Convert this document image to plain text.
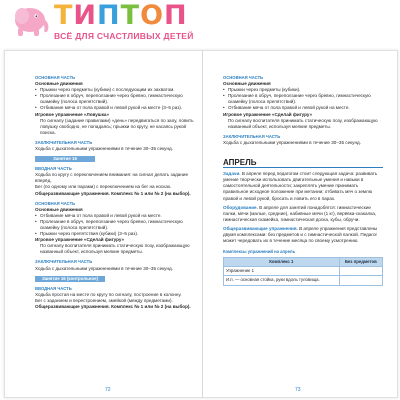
ТИПТОП
ВСЁ ДЛЯ СЧАСТЛИВЫХ ДЕТЕЙ
ОСНОВНАЯ ЧАСТЬ
Основные движения
• Прыжки через предметы (кубики) с последующим их захватом.
• Пролезание в обруч, переползание через бревно, гимнастическую скамейку (полоса препятствий).
• Отбивание мяча от пола правой и левой рукой на месте (3–5 раз).
Игровое упражнение «Ловушка»
По сигналу (задание правилами) «день» передвигаться по залу, ловить ловушку свободно, не попадаясь; прыжки по кругу, не касаясь рукой поиска.
ЗАКЛЮЧИТЕЛЬНАЯ ЧАСТЬ
Ходьба с дыхательными упражнениями в течение 30–35 секунд.
Занятие 16
ВВОДНАЯ ЧАСТЬ
Ходьба по кругу с переключением внимания: на сигнал делать задание вперёд.
Бег (по одному или парами) с переключением на бег на носках.
Общеразвивающие упражнения. Комплекс № 1 или № 2 (на выбор).
ОСНОВНАЯ ЧАСТЬ
Основные движения
• Отбивание мяча от пола правой и левой рукой на месте.
• Пролезание в обруч, переползание через бревно, гимнастическую скамейку (полоса препятствий).
• Прыжки через препятствия (кубики) (3–5 раз).
Игровое упражнение «Сделай фигуру»
По сигналу воспитателя принимать статическую позу, изображающую названный объект, используя мелкие предметы.
ЗАКЛЮЧИТЕЛЬНАЯ ЧАСТЬ
Ходьба с дыхательными упражнениями в течение 30–35 секунд.
Занятие 16 (контрольное)
ВВОДНАЯ ЧАСТЬ
Ходьба простая на месте по кругу по сигналу, построение в колонну.
Бег с заданием и перестроением, змейкой (между предметами).
Общеразвивающие упражнения. Комплекс № 1 или № 2 (на выбор).
72
ОСНОВНАЯ ЧАСТЬ
Основные движения
• Прыжки через предметы (кубики).
• Пролезание в обруч, переползание через бревно, гимнастическую скамейку (полоса препятствий).
• Отбивание мяча от пола правой и левой рукой на месте.
Игровое упражнение «Сделай фигуру»
По сигналу воспитателя принимать статическую позу, изображающую названный объект, используя мелкие предметы.
ЗАКЛЮЧИТЕЛЬНАЯ ЧАСТЬ
Ходьба с дыхательными упражнениями в течение 30–35 секунд.
АПРЕЛЬ
Задачи. В апреле перед педагогом стоит следующая задача: развивать умение творчески использовать двигательные умения и навыки в самостоятельной деятельности; закреплять умение принимать правильное исходное положение при метании; отбивать мяч о землю правой и левой рукой, бросать и ловить его в парах.
Оборудование. В апреле для занятий понадобятся: гимнастические палки, мячи (малые, средние), набивные мячи (1 кг), верёвка-скакалка, гимнастическая скамейка, гимнастическая доска, кубы, обручи.
Общеразвивающие упражнения. В апреле упражнения представлены двумя комплексами: без предметов и с гимнастической палкой. Педагог может чередовать их в течение месяца по своему усмотрению.
Комплексы упражнений на апрель
Комплекс 1	Без предметов
Упражнение 1	
И.п. — основная стойка, руки вдоль туловища.	
73
